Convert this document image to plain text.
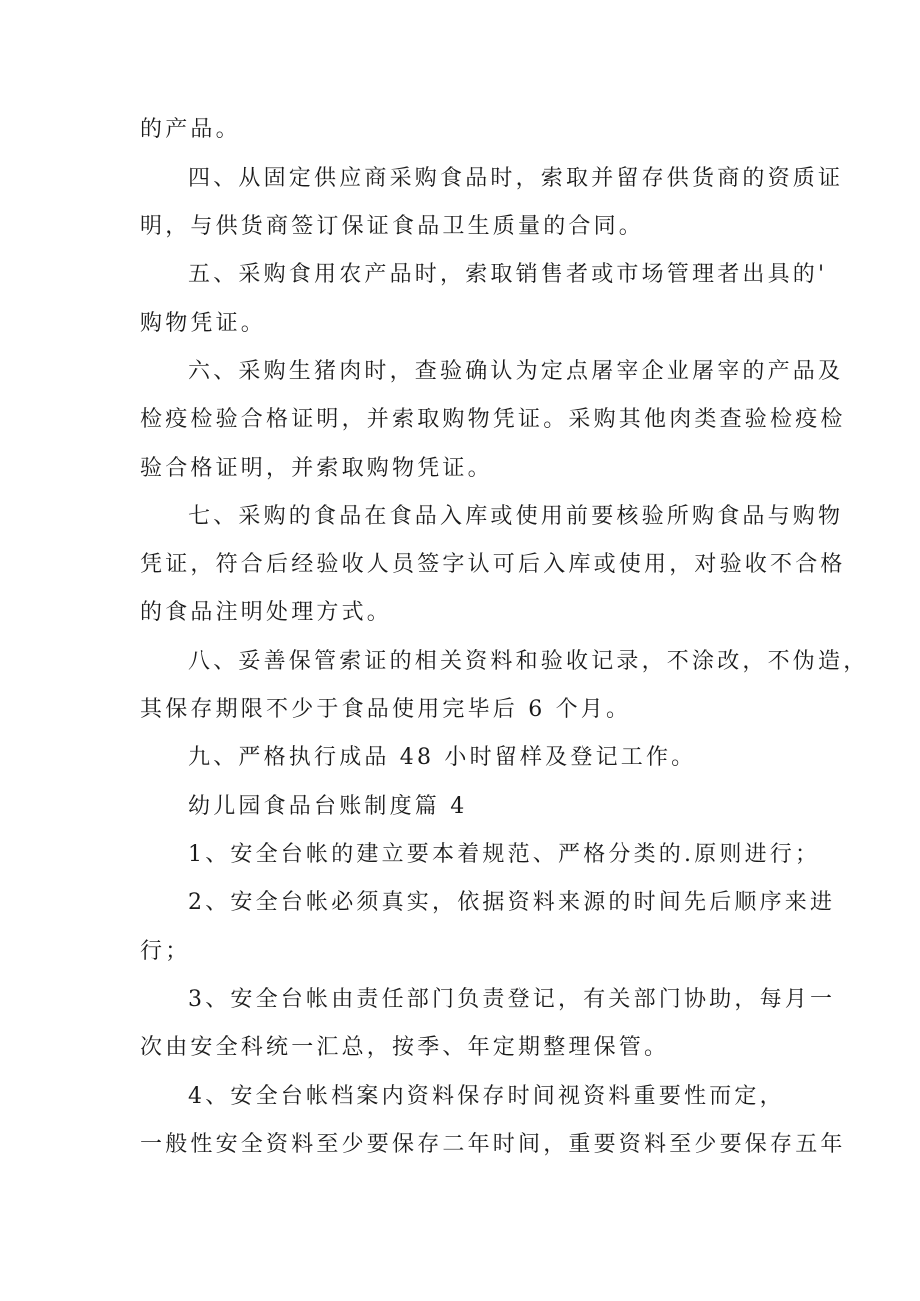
的产品。
四、从固定供应商采购食品时，索取并留存供货商的资质证
明，与供货商签订保证食品卫生质量的合同。
五、采购食用农产品时，索取销售者或市场管理者出具的'
购物凭证。
六、采购生猪肉时，查验确认为定点屠宰企业屠宰的产品及
检疫检验合格证明，并索取购物凭证。采购其他肉类查验检疫检
验合格证明，并索取购物凭证。
七、采购的食品在食品入库或使用前要核验所购食品与购物
凭证，符合后经验收人员签字认可后入库或使用，对验收不合格
的食品注明处理方式。
八、妥善保管索证的相关资料和验收记录，不涂改，不伪造，
其保存期限不少于食品使用完毕后 6 个月。
九、严格执行成品 48 小时留样及登记工作。
幼儿园食品台账制度篇 4
1、安全台帐的建立要本着规范、严格分类的.原则进行；
2、安全台帐必须真实，依据资料来源的时间先后顺序来进
行；
3、安全台帐由责任部门负责登记，有关部门协助，每月一
次由安全科统一汇总，按季、年定期整理保管。
4、安全台帐档案内资料保存时间视资料重要性而定，
一般性安全资料至少要保存二年时间，重要资料至少要保存五年
